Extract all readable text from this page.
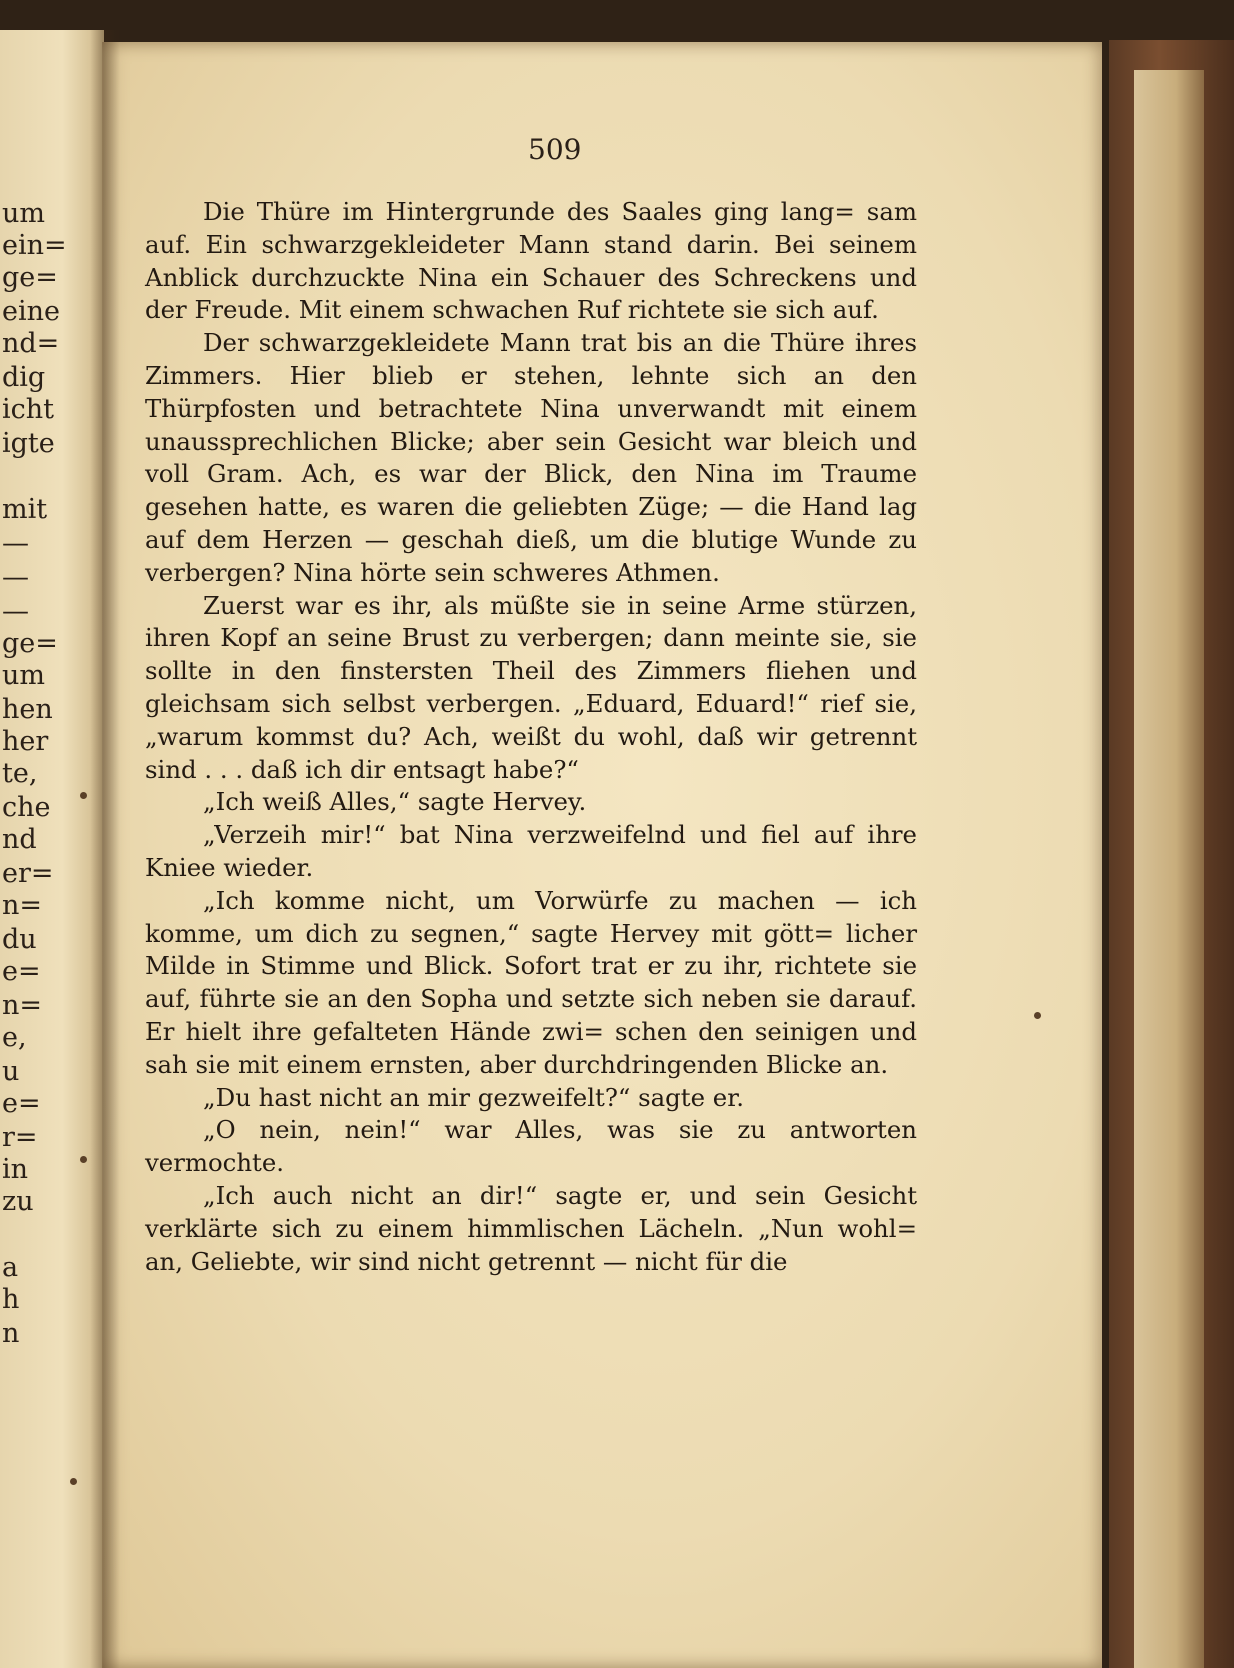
um
ein=
ge=
eine
nd=
dig
icht
igte
mit
—
—
—
ge=
um
hen
her
te,
che
nd
er=
n=
du
e=
n=
e,
u
e=
r=
in
zu
a
h
n
509

Die Thüre im Hintergrunde des Saales ging lang= sam auf. Ein schwarzgekleideter Mann stand darin. Bei seinem Anblick durchzuckte Nina ein Schauer des Schreckens und der Freude. Mit einem schwachen Ruf richtete sie sich auf.

Der schwarzgekleidete Mann trat bis an die Thüre ihres Zimmers. Hier blieb er stehen, lehnte sich an den Thürpfosten und betrachtete Nina unverwandt mit einem unaussprechlichen Blicke; aber sein Gesicht war bleich und voll Gram. Ach, es war der Blick, den Nina im Traume gesehen hatte, es waren die geliebten Züge; — die Hand lag auf dem Herzen — geschah dieß, um die blutige Wunde zu verbergen? Nina hörte sein schweres Athmen.

Zuerst war es ihr, als müßte sie in seine Arme stürzen, ihren Kopf an seine Brust zu verbergen; dann meinte sie, sie sollte in den finstersten Theil des Zimmers fliehen und gleichsam sich selbst verbergen. „Eduard, Eduard!“ rief sie, „warum kommst du? Ach, weißt du wohl, daß wir getrennt sind . . . daß ich dir entsagt habe?“

„Ich weiß Alles,“ sagte Hervey.

„Verzeih mir!“ bat Nina verzweifelnd und fiel auf ihre Kniee wieder.

„Ich komme nicht, um Vorwürfe zu machen — ich komme, um dich zu segnen,“ sagte Hervey mit gött= licher Milde in Stimme und Blick. Sofort trat er zu ihr, richtete sie auf, führte sie an den Sopha und setzte sich neben sie darauf. Er hielt ihre gefalteten Hände zwi= schen den seinigen und sah sie mit einem ernsten, aber durchdringenden Blicke an.

„Du hast nicht an mir gezweifelt?“ sagte er.

„O nein, nein!“ war Alles, was sie zu antworten vermochte.

„Ich auch nicht an dir!“ sagte er, und sein Gesicht verklärte sich zu einem himmlischen Lächeln. „Nun wohl= an, Geliebte, wir sind nicht getrennt — nicht für die
